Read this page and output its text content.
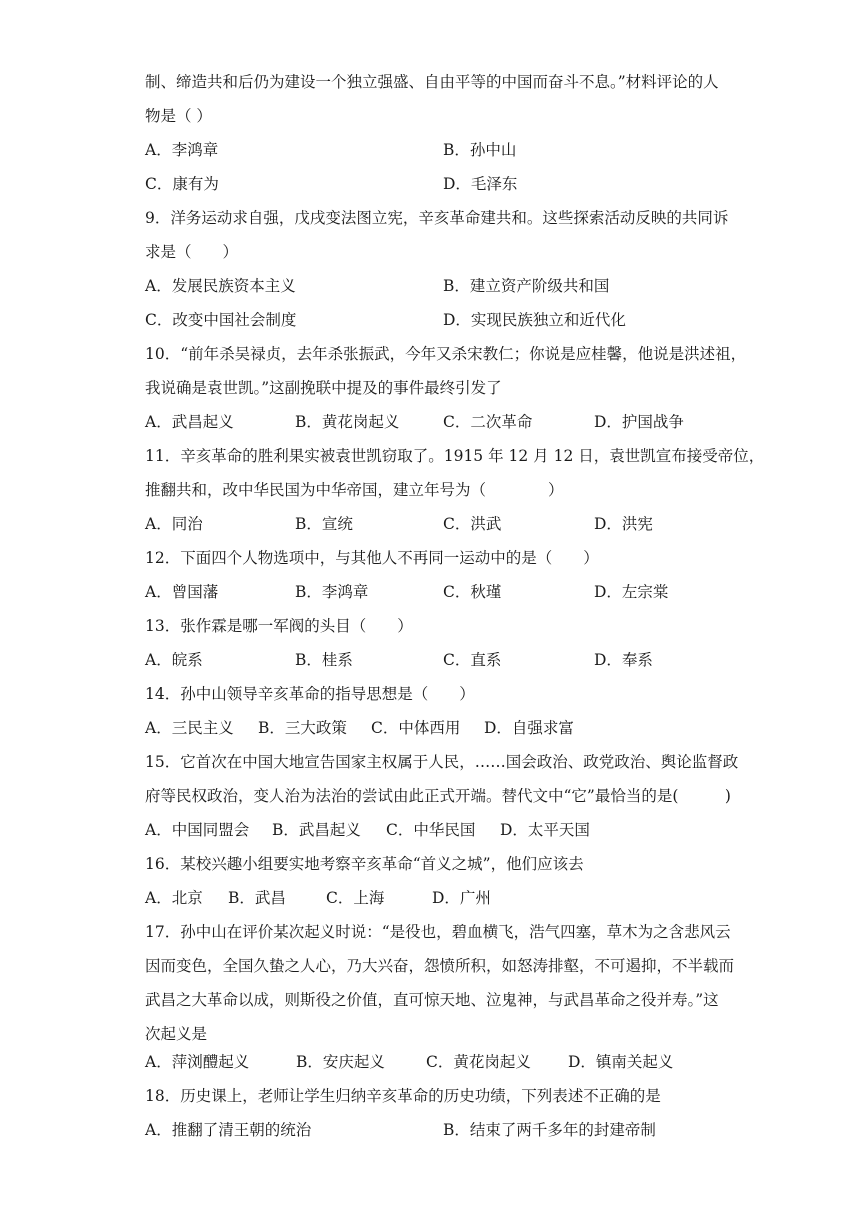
制、缔造共和后仍为建设一个独立强盛、自由平等的中国而奋斗不息。”材料评论的人
物是（ ）
A．李鸿章	B．孙中山
C．康有为	D．毛泽东
9．洋务运动求自强，戊戌变法图立宪，辛亥革命建共和。这些探索活动反映的共同诉
求是（　　）
A．发展民族资本主义	B．建立资产阶级共和国
C．改变中国社会制度	D．实现民族独立和近代化
10．“前年杀吴禄贞，去年杀张振武，今年又杀宋教仁；你说是应桂馨，他说是洪述祖，
我说确是袁世凯。”这副挽联中提及的事件最终引发了
A．武昌起义	B．黄花岗起义	C．二次革命	D．护国战争
11．辛亥革命的胜利果实被袁世凯窃取了。1915 年 12 月 12 日，袁世凯宣布接受帝位，
推翻共和，改中华民国为中华帝国，建立年号为（　　　　）
A．同治	B．宣统	C．洪武	D．洪宪
12．下面四个人物选项中，与其他人不再同一运动中的是（　　）
A．曾国藩	B．李鸿章	C．秋瑾	D．左宗棠
13．张作霖是哪一军阀的头目（　　）
A．皖系	B．桂系	C．直系	D．奉系
14．孙中山领导辛亥革命的指导思想是（　　）
A．三民主义 B．三大政策 C．中体西用 D．自强求富
15．它首次在中国大地宣告国家主权属于人民，……国会政治、政党政治、舆论监督政
府等民权政治，变人治为法治的尝试由此正式开端。替代文中“它”最恰当的是(　　　)
A．中国同盟会 B．武昌起义 C．中华民国 D．太平天国
16．某校兴趣小组要实地考察辛亥革命“首义之城”，他们应该去
A．北京 B．武昌	C．上海	D．广州
17．孙中山在评价某次起义时说：“是役也，碧血横飞，浩气四塞，草木为之含悲风云
因而变色，全国久蛰之人心，乃大兴奋，怨愤所积，如怒涛排壑，不可遏抑，不半载而
武昌之大革命以成，则斯役之价值，直可惊天地、泣鬼神，与武昌革命之役并寿。”这
次起义是
A．萍浏醴起义	B．安庆起义	C．黄花岗起义 D．镇南关起义
18．历史课上，老师让学生归纳辛亥革命的历史功绩，下列表述不正确的是
A．推翻了清王朝的统治	B．结束了两千多年的封建帝制
